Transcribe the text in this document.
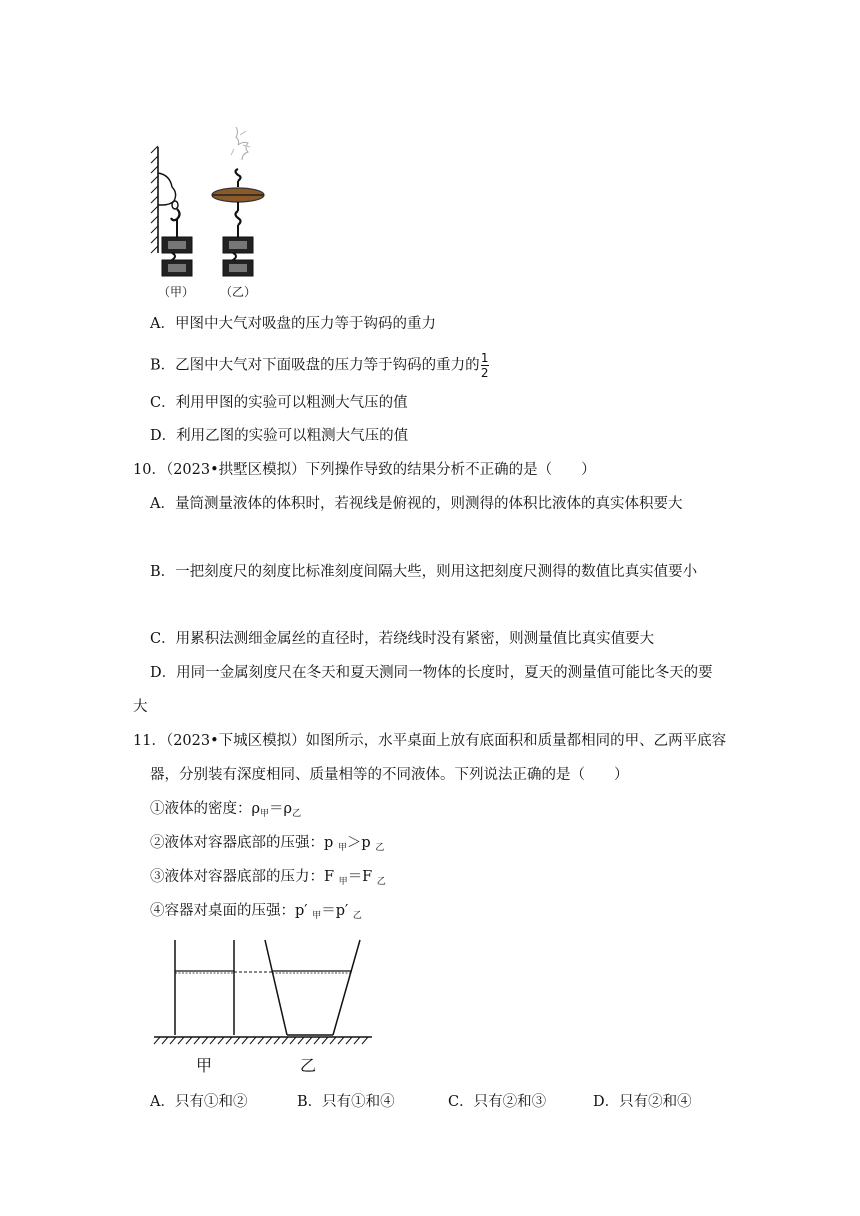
（甲） （乙）
A．甲图中大气对吸盘的压力等于钩码的重力
B．乙图中大气对下面吸盘的压力等于钩码的重力的 $\frac{1}{2}$
C．利用甲图的实验可以粗测大气压的值
D．利用乙图的实验可以粗测大气压的值
10．（2023•拱墅区模拟）下列操作导致的结果分析不正确的是（　　）
A．量筒测量液体的体积时，若视线是俯视的，则测得的体积比液体的真实体积要大
B．一把刻度尺的刻度比标准刻度间隔大些，则用这把刻度尺测得的数值比真实值要小
C．用累积法测细金属丝的直径时，若绕线时没有紧密，则测量值比真实值要大
D．用同一金属刻度尺在冬天和夏天测同一物体的长度时，夏天的测量值可能比冬天的要
大
11．（2023•下城区模拟）如图所示，水平桌面上放有底面积和质量都相同的甲、乙两平底容
器，分别装有深度相同、质量相等的不同液体。下列说法正确的是（　　）
①液体的密度：$\rho_甲=\rho_乙$
②液体对容器底部的压强：p $_甲$＞p $_乙$
③液体对容器底部的压力：F $_甲$＝F $_乙$
④容器对桌面的压强：p′ $_甲$＝p′ $_乙$
甲	乙
A．只有①和②	B．只有①和④	C．只有②和③	D．只有②和④
